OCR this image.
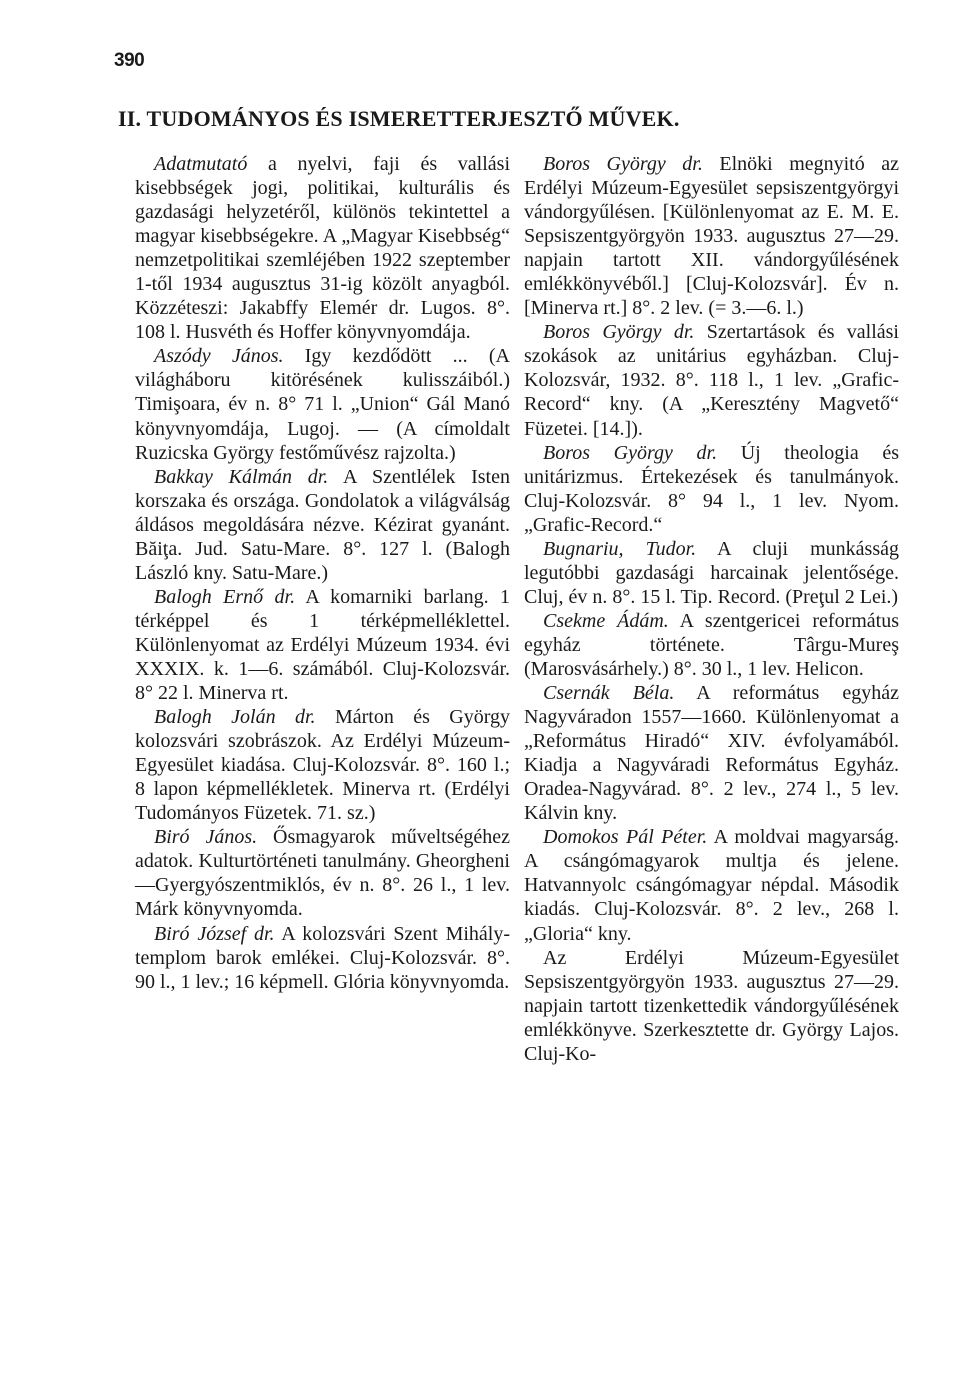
390
II. TUDOMÁNYOS ÉS ISMERETTERJESZTŐ MŰVEK.

Adatmutató a nyelvi, faji és vallási kisebbségek jogi, politikai, kulturális és gazdasági helyzetéről, különös tekintettel a magyar kisebbségekre. A „Magyar Kisebbség“ nemzetpolitikai szemléjében 1922 szeptember 1-től 1934 augusztus 31-ig közölt anyagból. Közzéteszi: Jakabffy Elemér dr. Lugos. 8°. 108 l. Husvéth és Hoffer könyvnyomdája.

Aszódy János. Igy kezdődött ... (A világháboru kitörésének kulisszáiból.) Timişoara, év n. 8° 71 l. „Union“ Gál Manó könyvnyomdája, Lugoj. — (A címoldalt Ruzicska György festőművész rajzolta.)

Bakkay Kálmán dr. A Szentlélek Isten korszaka és országa. Gondolatok a világválság áldásos megoldására nézve. Kézirat gyanánt. Băiţa. Jud. Satu-Mare. 8°. 127 l. (Balogh László kny. Satu-Mare.)

Balogh Ernő dr. A komarniki barlang. 1 térképpel és 1 térképmelléklettel. Különlenyomat az Erdélyi Múzeum 1934. évi XXXIX. k. 1—6. számából. Cluj-Kolozsvár. 8° 22 l. Minerva rt.

Balogh Jolán dr. Márton és György kolozsvári szobrászok. Az Erdélyi Múzeum-Egyesület kiadása. Cluj-Kolozsvár. 8°. 160 l.; 8 lapon képmellékletek. Minerva rt. (Erdélyi Tudományos Füzetek. 71. sz.)

Biró János. Ősmagyarok műveltségéhez adatok. Kulturtörténeti tanulmány. Gheorgheni—Gyergyószentmiklós, év n. 8°. 26 l., 1 lev. Márk könyvnyomda.

Biró József dr. A kolozsvári Szent Mihály-templom barok emlékei. Cluj-Kolozsvár. 8°. 90 l., 1 lev.; 16 képmell. Glória könyvnyomda.

Boros György dr. Elnöki megnyitó az Erdélyi Múzeum-Egyesület sepsiszentgyörgyi vándorgyűlésen. [Különlenyomat az E. M. E. Sepsiszentgyörgyön 1933. augusztus 27—29. napjain tartott XII. vándorgyűlésének emlékkönyvéből.] [Cluj-Kolozsvár]. Év n. [Minerva rt.] 8°. 2 lev. (= 3.—6. l.)

Boros György dr. Szertartások és vallási szokások az unitárius egyházban. Cluj-Kolozsvár, 1932. 8°. 118 l., 1 lev. „Grafic-Record“ kny. (A „Keresztény Magvető“ Füzetei. [14.]).

Boros György dr. Új theologia és unitárizmus. Értekezések és tanulmányok. Cluj-Kolozsvár. 8° 94 l., 1 lev. Nyom. „Grafic-Record.“

Bugnariu, Tudor. A cluji munkásság legutóbbi gazdasági harcainak jelentősége. Cluj, év n. 8°. 15 l. Tip. Record. (Preţul 2 Lei.)

Csekme Ádám. A szentgericei református egyház története. Târgu-Mureş (Marosvásárhely.) 8°. 30 l., 1 lev. Helicon.

Csernák Béla. A református egyház Nagyváradon 1557—1660. Különlenyomat a „Református Hiradó“ XIV. évfolyamából. Kiadja a Nagyváradi Református Egyház. Oradea-Nagyvárad. 8°. 2 lev., 274 l., 5 lev. Kálvin kny.

Domokos Pál Péter. A moldvai magyarság. A csángómagyarok multja és jelene. Hatvannyolc csángómagyar népdal. Második kiadás. Cluj-Kolozsvár. 8°. 2 lev., 268 l. „Gloria“ kny.

Az Erdélyi Múzeum-Egyesület Sepsiszentgyörgyön 1933. augusztus 27—29. napjain tartott tizenkettedik vándorgyűlésének emlékkönyve. Szerkesztette dr. György Lajos. Cluj-Ko-
